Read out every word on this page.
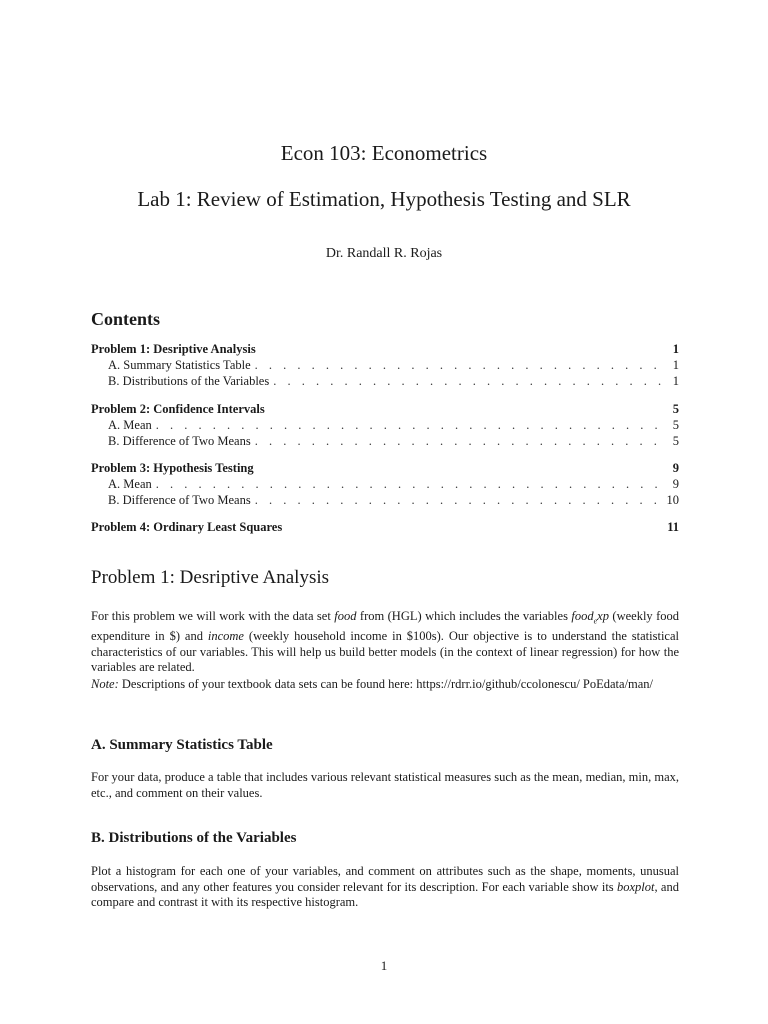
Econ 103: Econometrics
Lab 1: Review of Estimation, Hypothesis Testing and SLR
Dr. Randall R. Rojas
Contents
Problem 1: Desriptive Analysis	1
A. Summary Statistics Table . . .	1
B. Distributions of the Variables . . .	1
Problem 2: Confidence Intervals	5
A. Mean . . .	5
B. Difference of Two Means . . .	5
Problem 3: Hypothesis Testing	9
A. Mean . . .	9
B. Difference of Two Means . . .	10
Problem 4: Ordinary Least Squares	11
Problem 1: Desriptive Analysis

For this problem we will work with the data set food from (HGL) which includes the variables food$_e$xp (weekly food expenditure in $) and income (weekly household income in $100s). Our objective is to understand the statistical characteristics of our variables. This will help us build better models (in the context of linear regression) for how the variables are related.

Note: Descriptions of your textbook data sets can be found here: https://rdrr.io/github/ccolonescu/ PoEdata/man/

A. Summary Statistics Table

For your data, produce a table that includes various relevant statistical measures such as the mean, median, min, max, etc., and comment on their values.

B. Distributions of the Variables

Plot a histogram for each one of your variables, and comment on attributes such as the shape, moments, unusual observations, and any other features you consider relevant for its description. For each variable show its boxplot, and compare and contrast it with its respective histogram.

1
